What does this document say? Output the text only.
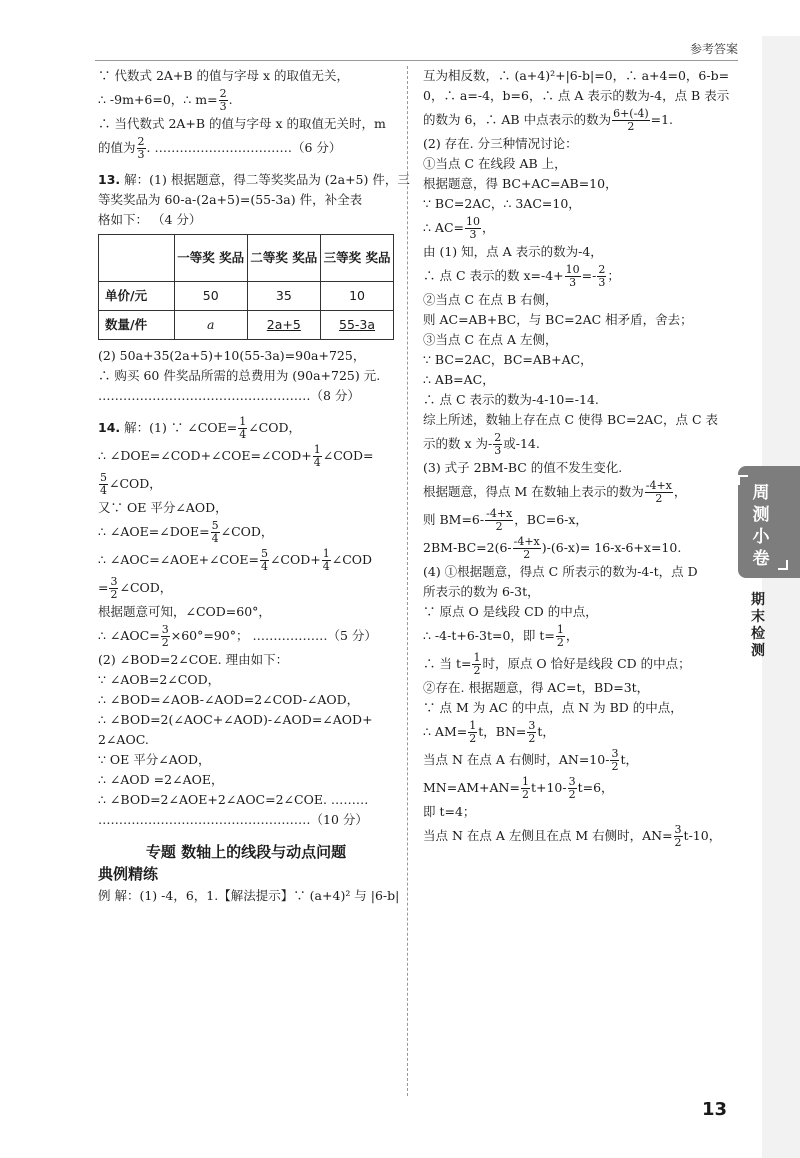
参考答案
∵ 代数式 2A+B 的值与字母 x 的取值无关，
∴ -9m+6=0，∴ $m= \frac{2}{3}$ .
∴ 当代数式 2A+B 的值与字母 x 的取值无关时，m
的值为 $\frac{2}{3}$ . ……………………………（6 分）
13. 解：(1) 根据题意，得二等奖奖品为 (2a+5) 件，三
等奖奖品为 60-a-(2a+5)=(55-3a) 件，补全表
格如下： （4 分）
	一等奖 奖品	二等奖 奖品	三等奖 奖品
单价/元	50	35	10
数量/件	a	2a+5	55-3a
(2) 50a+35(2a+5)+10(55-3a)=90a+725，
∴ 购买 60 件奖品所需的总费用为 (90a+725) 元.
……………………………………………（8 分）
14. 解：(1) ∵ ∠COE= $\frac{1}{4}$ ∠COD，
∴ ∠DOE=∠COD+∠COE=∠COD+ $\frac{1}{4}$ ∠COD=
$\frac{5}{4}$ ∠COD，
又∵ OE 平分∠AOD，
∴ ∠AOE=∠DOE= $\frac{5}{4}$ ∠COD，
∴ ∠AOC=∠AOE+∠COE= $\frac{5}{4}$ ∠COD+ $\frac{1}{4}$ ∠COD
= $\frac{3}{2}$ ∠COD，
根据题意可知，∠COD=60°，
∴ ∠AOC= $\frac{3}{2} \times 60^\circ=90^\circ$； ………………（5 分）
(2) ∠BOD=2∠COE. 理由如下：
∵ ∠AOB=2∠COD，
∴ ∠BOD=∠AOB-∠AOD=2∠COD-∠AOD，
∴ ∠BOD=2(∠AOC+∠AOD)-∠AOD=∠AOD+
2∠AOC.
∵ OE 平分∠AOD，
∴ ∠AOD =2∠AOE，
∴ ∠BOD=2∠AOE+2∠AOC=2∠COE. ………
……………………………………………（10 分）
专题 数轴上的线段与动点问题
典例精练
例 解：(1) -4，6，1.【解法提示】∵ (a+4)² 与 |6-b|
互为相反数，∴ (a+4)²+|6-b|=0，∴ a+4=0，6-b=
0，∴ a=-4，b=6，∴ 点 A 表示的数为-4，点 B 表示
的数为 6，∴ AB 中点表示的数为 $\frac{6+(-4)}{2} =1$.
(2) 存在. 分三种情况讨论：
①当点 C 在线段 AB 上，
根据题意，得 BC+AC=AB=10，
∵ BC=2AC，∴ 3AC=10，
∴ $AC= \frac{10}{3}$ ，
由 (1) 知，点 A 表示的数为-4，
∴ 点 C 表示的数 $x=-4+ \frac{10}{3} =- \frac{2}{3}$ ；
②当点 C 在点 B 右侧，
则 AC=AB+BC，与 BC=2AC 相矛盾，舍去；
③当点 C 在点 A 左侧，
∵ BC=2AC，BC=AB+AC，
∴ AB=AC，
∴ 点 C 表示的数为-4-10=-14.
综上所述，数轴上存在点 C 使得 BC=2AC，点 C 表
示的数 x 为- $\frac{2}{3}$ 或-14.
(3) 式子 2BM-BC 的值不发生变化.
根据题意，得点 M 在数轴上表示的数为 $\frac{-4+x}{2}$ ，
则 $BM=6- \frac{-4+x}{2}$ ，BC=6-x，
$2BM-BC=2(6- \frac{-4+x}{2} )-(6-x)= 16-x-6+x=10$.
(4) ①根据题意，得点 C 所表示的数为-4-t，点 D
所表示的数为 6-3t，
∵ 原点 O 是线段 CD 的中点，
∴ -4-t+6-3t=0，即 $t= \frac{1}{2}$ ，
∴ 当 $t= \frac{1}{2}$ 时，原点 O 恰好是线段 CD 的中点；
②存在. 根据题意，得 AC=t，BD=3t，
∵ 点 M 为 AC 的中点，点 N 为 BD 的中点，
∴ $AM= \frac{1}{2}$ t，$BN= \frac{3}{2}$ t，
当点 N 在点 A 右侧时，$AN=10- \frac{3}{2}$ t，
$MN=AM+AN= \frac{1}{2} t+10- \frac{3}{2} t=6$，
即 t=4；
当点 N 在点 A 左侧且在点 M 右侧时，$AN= \frac{3}{2} t-10$，
周测小卷
期末检测
13
